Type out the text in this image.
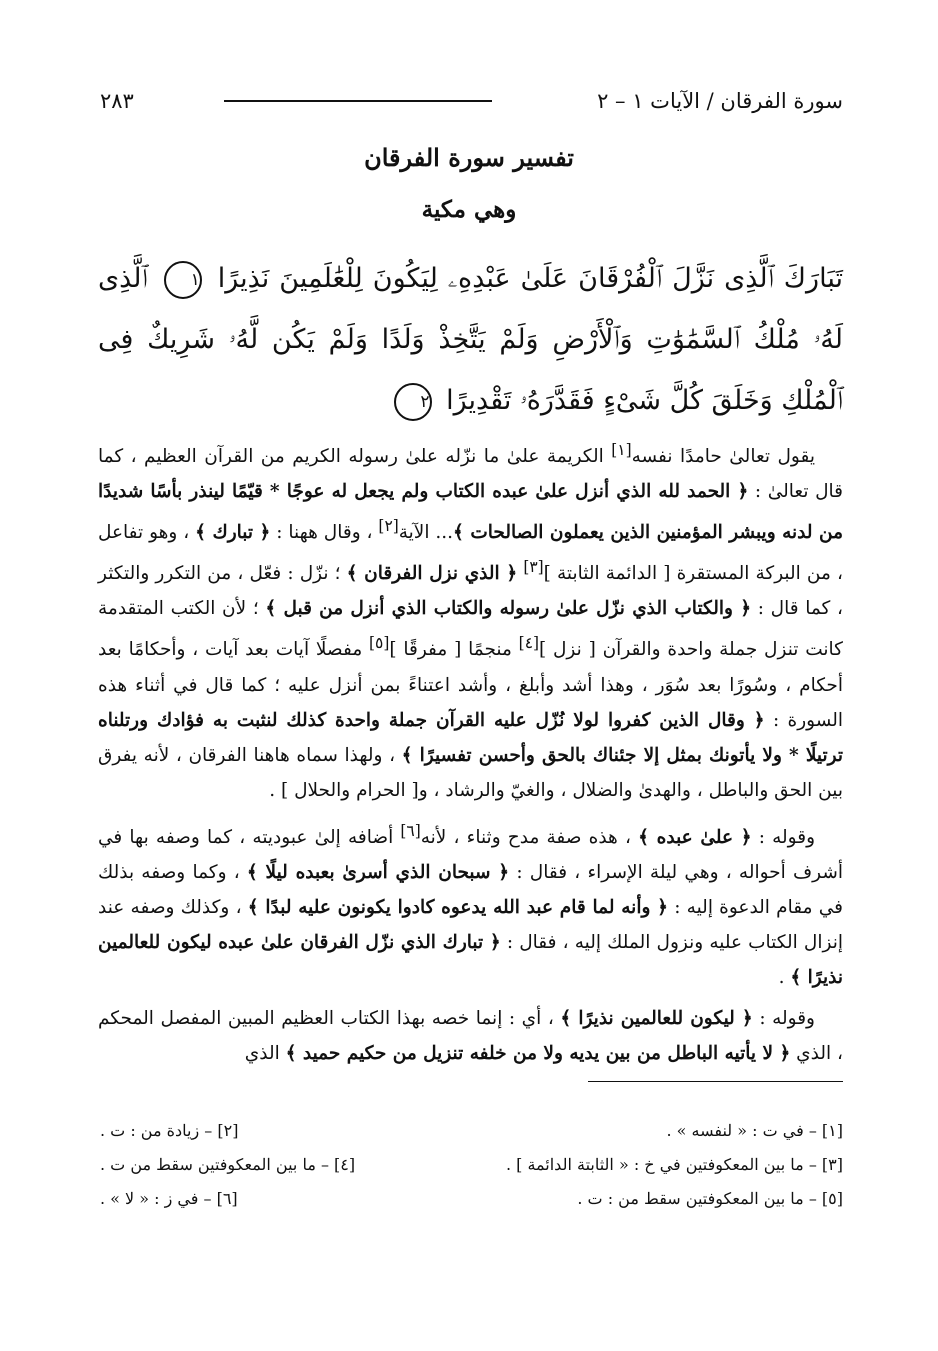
سورة الفرقان / الآيات ١ – ٢
٢٨٣
تفسير سورة الفرقان
وهي مكية
تَبَارَكَ ٱلَّذِى نَزَّلَ ٱلْفُرْقَانَ عَلَىٰ عَبْدِهِۦ لِيَكُونَ لِلْعَٰلَمِينَ نَذِيرًا ١ ٱلَّذِى لَهُۥ مُلْكُ ٱلسَّمَٰوَٰتِ وَٱلْأَرْضِ وَلَمْ يَتَّخِذْ وَلَدًا وَلَمْ يَكُن لَّهُۥ شَرِيكٌ فِى ٱلْمُلْكِ وَخَلَقَ كُلَّ شَىْءٍ فَقَدَّرَهُۥ تَقْدِيرًا ٢

يقول تعالىٰ حامدًا نفسه[١] الكريمة علىٰ ما نزّله علىٰ رسوله الكريم من القرآن العظيم ، كما قال تعالىٰ : ﴿ الحمد لله الذي أنزل علىٰ عبده الكتاب ولم يجعل له عوجًا * قيّمًا لينذر بأسًا شديدًا من لدنه ويبشر المؤمنين الذين يعملون الصالحات ﴾... الآية[٢] ، وقال ههنا : ﴿ تبارك ﴾ ، وهو تفاعل ، من البركة المستقرة [ الدائمة الثابتة ][٣] ﴿ الذي نزل الفرقان ﴾ ؛ نزّل : فعّل ، من التكرر والتكثر ، كما قال : ﴿ والكتاب الذي نزّل علىٰ رسوله والكتاب الذي أنزل من قبل ﴾ ؛ لأن الكتب المتقدمة كانت تنزل جملة واحدة والقرآن [ نزل ][٤] منجمًا [ مفرقًا ][٥] مفصلًا آيات بعد آيات ، وأحكامًا بعد أحكام ، وسُورًا بعد سُوَر ، وهذا أشد وأبلغ ، وأشد اعتناءً بمن أنزل عليه ؛ كما قال في أثناء هذه السورة : ﴿ وقال الذين كفروا لولا نُزّل عليه القرآن جملة واحدة كذلك لنثبت به فؤادك ورتلناه ترتيلًا * ولا يأتونك بمثل إلا جئناك بالحق وأحسن تفسيرًا ﴾ ، ولهذا سماه هاهنا الفرقان ، لأنه يفرق بين الحق والباطل ، والهدىٰ والضلال ، والغيّ والرشاد ، و[ الحرام والحلال ] .

وقوله : ﴿ علىٰ عبده ﴾ ، هذه صفة مدح وثناء ، لأنه[٦] أضافه إلىٰ عبوديته ، كما وصفه بها في أشرف أحواله ، وهي ليلة الإسراء ، فقال : ﴿ سبحان الذي أسرىٰ بعبده ليلًا ﴾ ، وكما وصفه بذلك في مقام الدعوة إليه : ﴿ وأنه لما قام عبد الله يدعوه كادوا يكونون عليه لبدًا ﴾ ، وكذلك وصفه عند إنزال الكتاب عليه ونزول الملك إليه ، فقال : ﴿ تبارك الذي نزّل الفرقان علىٰ عبده ليكون للعالمين نذيرًا ﴾ .

وقوله : ﴿ ليكون للعالمين نذيرًا ﴾ ، أي : إنما خصه بهذا الكتاب العظيم المبين المفصل المحكم ، الذي ﴿ لا يأتيه الباطل من بين يديه ولا من خلفه تنزيل من حكيم حميد ﴾ الذي

[١] – في ت : « لنفسه » .
[٢] – زيادة من : ت .
[٣] – ما بين المعكوفتين في خ : « الثابتة الدائمة ] .
[٤] – ما بين المعكوفتين سقط من ت .
[٥] – ما بين المعكوفتين سقط من : ت .
[٦] – في ز : « لا » .
